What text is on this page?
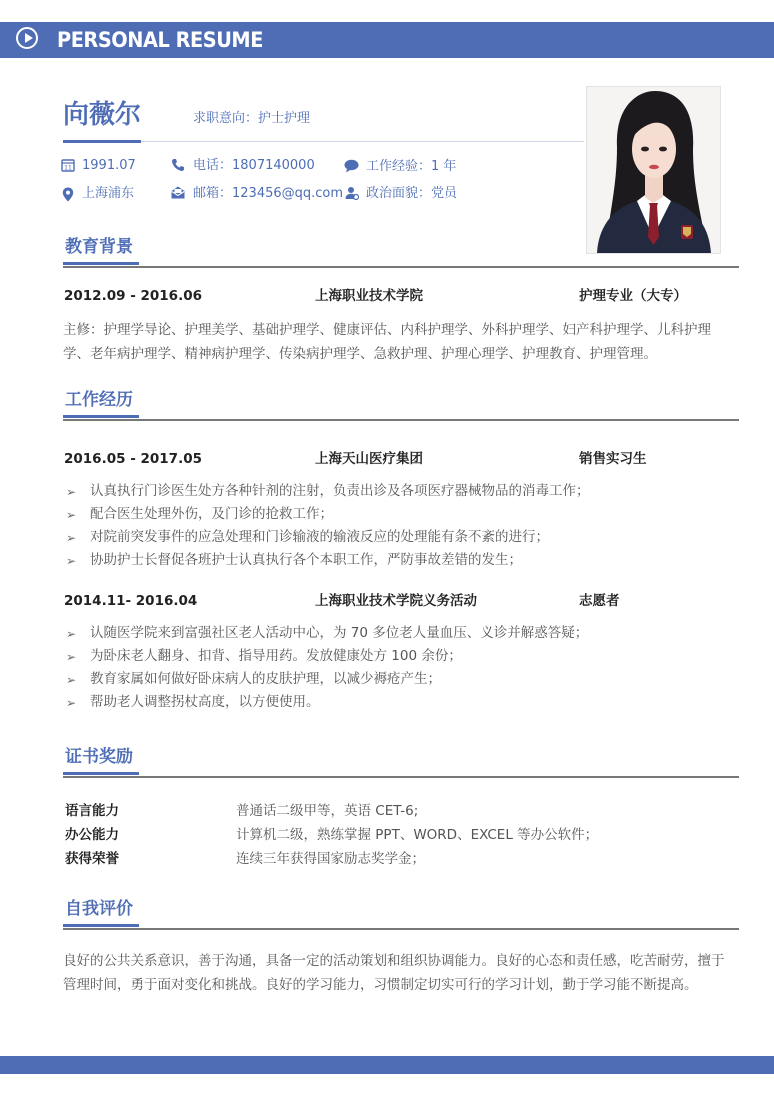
PERSONAL RESUME
向薇尔	求职意向：护士护理
11 1991.07	电话：1807140000	工作经验：1 年
上海浦东	邮箱：123456@qq.com 政治面貌：党员
教育背景
2012.09 - 2016.06	上海职业技术学院	护理专业（大专）
主修：护理学导论、护理美学、基础护理学、健康评估、内科护理学、外科护理学、妇产科护理学、儿科护理学、老年病护理学、精神病护理学、传染病护理学、急救护理、护理心理学、护理教育、护理管理。
工作经历
2016.05 - 2017.05	上海天山医疗集团	销售实习生
➢ 认真执行门诊医生处方各种针剂的注射，负责出诊及各项医疗器械物品的消毒工作；
➢ 配合医生处理外伤，及门诊的抢救工作；
➢ 对院前突发事件的应急处理和门诊输液的输液反应的处理能有条不紊的进行；
➢ 协助护士长督促各班护士认真执行各个本职工作，严防事故差错的发生；
2014.11- 2016.04	上海职业技术学院义务活动	志愿者
➢ 认随医学院来到富强社区老人活动中心，为 70 多位老人量血压、义诊并解惑答疑；
➢ 为卧床老人翻身、扣背、指导用药。发放健康处方 100 余份；
➢ 教育家属如何做好卧床病人的皮肤护理，以减少褥疮产生；
➢ 帮助老人调整拐杖高度，以方便使用。
证书奖励
语言能力	普通话二级甲等，英语 CET-6;
办公能力	计算机二级，熟练掌握 PPT、WORD、EXCEL 等办公软件；
获得荣誉	连续三年获得国家励志奖学金；
自我评价
良好的公共关系意识，善于沟通，具备一定的活动策划和组织协调能力。良好的心态和责任感，吃苦耐劳，擅于管理时间，勇于面对变化和挑战。良好的学习能力，习惯制定切实可行的学习计划，勤于学习能不断提高。
